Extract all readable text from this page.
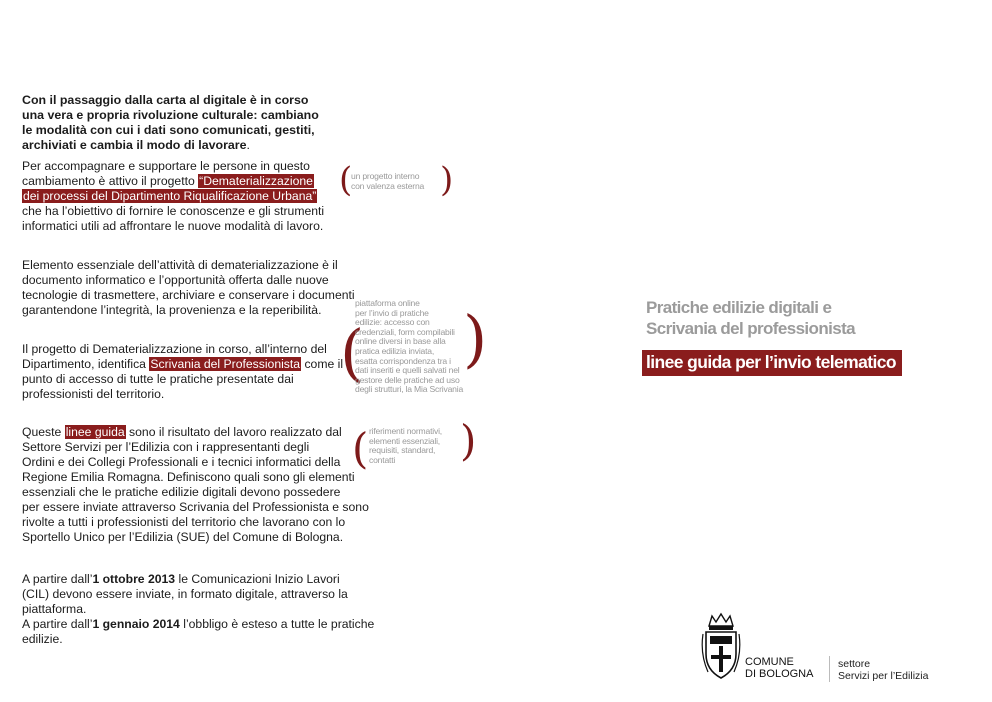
Con il passaggio dalla carta al digitale è in corso
una vera e propria rivoluzione culturale: cambiano
le modalità con cui i dati sono comunicati, gestiti,
archiviati e cambia il modo di lavorare.
Per accompagnare e supportare le persone in questo
cambiamento è attivo il progetto “Dematerializzazione
dei processi del Dipartimento Riqualificazione Urbana”
che ha l’obiettivo di fornire le conoscenze e gli strumenti
informatici utili ad affrontare le nuove modalità di lavoro.
(
un progetto interno
con valenza esterna )
Elemento essenziale dell’attività di dematerializzazione è il
documento informatico e l’opportunità offerta dalle nuove
tecnologie di trasmettere, archiviare e conservare i documenti
garantendone l’integrità, la provenienza e la reperibilità.
Il progetto di Dematerializzazione in corso, all’interno del
Dipartimento, identifica Scrivania del Professionista come il
punto di accesso di tutte le pratiche presentate dai
professionisti del territorio.
(
piattaforma online
per l’invio di pratiche
edilizie: accesso con
credenziali, form compilabili
online diversi in base alla
pratica edilizia inviata,
esatta corrispondenza tra i
dati inseriti e quelli salvati nel
gestore delle pratiche ad uso
degli strutturi, la Mia Scrivania
)
Queste linee guida sono il risultato del lavoro realizzato dal
Settore Servizi per l’Edilizia con i rappresentanti degli
Ordini e dei Collegi Professionali e i tecnici informatici della
Regione Emilia Romagna. Definiscono quali sono gli elementi
essenziali che le pratiche edilizie digitali devono possedere
per essere inviate attraverso Scrivania del Professionista e sono
rivolte a tutti i professionisti del territorio che lavorano con lo
Sportello Unico per l’Edilizia (SUE) del Comune di Bologna.
( riferimenti normativi,
elementi essenziali,
requisiti, standard,
contatti	)
A partire dall’1 ottobre 2013 le Comunicazioni Inizio Lavori
(CIL) devono essere inviate, in formato digitale, attraverso la
piattaforma.
A partire dall’1 gennaio 2014 l’obbligo è esteso a tutte le pratiche
edilizie.
Pratiche edilizie digitali e
Scrivania del professionista
linee guida per l’invio telematico
COMUNE
DI BOLOGNA
settore
Servizi per l’Edilizia
